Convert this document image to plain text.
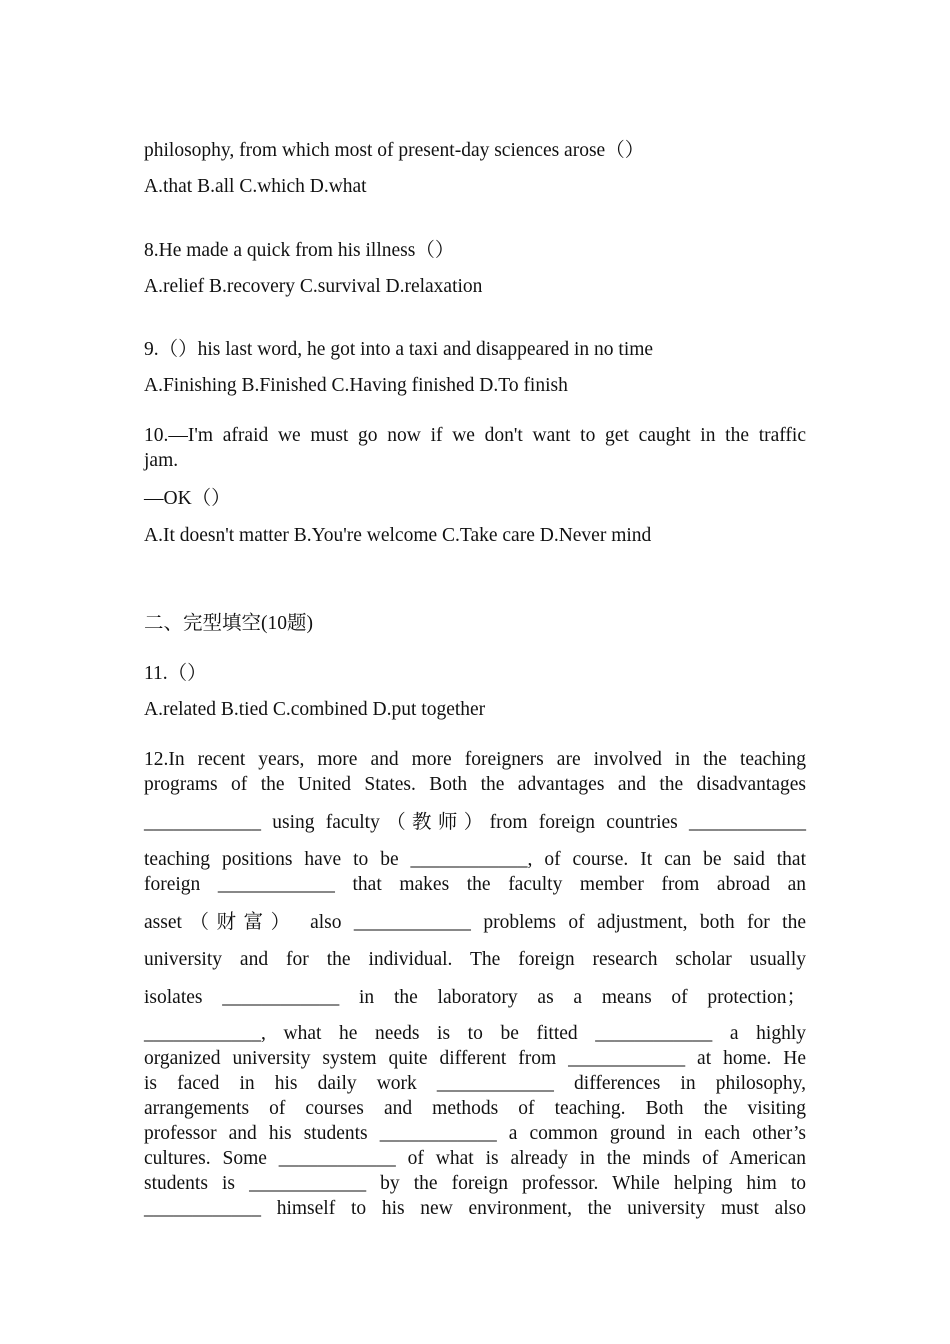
philosophy, from which most of present-day sciences arose（）
A.that B.all C.which D.what
8.He made a quick from his illness（）
A.relief B.recovery C.survival D.relaxation
9.（）his last word, he got into a taxi and disappeared in no time
A.Finishing B.Finished C.Having finished D.To finish
10.—I'm afraid we must go now if we don't want to get caught in the traffic
jam.
—OK（）
A.It doesn't matter B.You're welcome C.Take care D.Never mind
二、完型填空(10题)
11.（）
A.related B.tied C.combined D.put together
12.In recent years, more and more foreigners are involved in the teaching
programs of the United States. Both the advantages and the disadvantages
____________ using faculty（教师）from foreign countries ____________
teaching positions have to be ____________, of course. It can be said that
foreign ____________ that makes the faculty member from abroad an
asset（财富） also ____________ problems of adjustment, both for the
university and for the individual. The foreign research scholar usually
isolates ____________ in the laboratory as a means of protection；
____________, what he needs is to be fitted ____________ a highly
organized university system quite different from ____________ at home. He
is faced in his daily work ____________ differences in philosophy,
arrangements of courses and methods of teaching. Both the visiting
professor and his students ____________ a common ground in each other’s
cultures. Some ____________ of what is already in the minds of American
students is ____________ by the foreign professor. While helping him to
____________ himself to his new environment, the university must also
